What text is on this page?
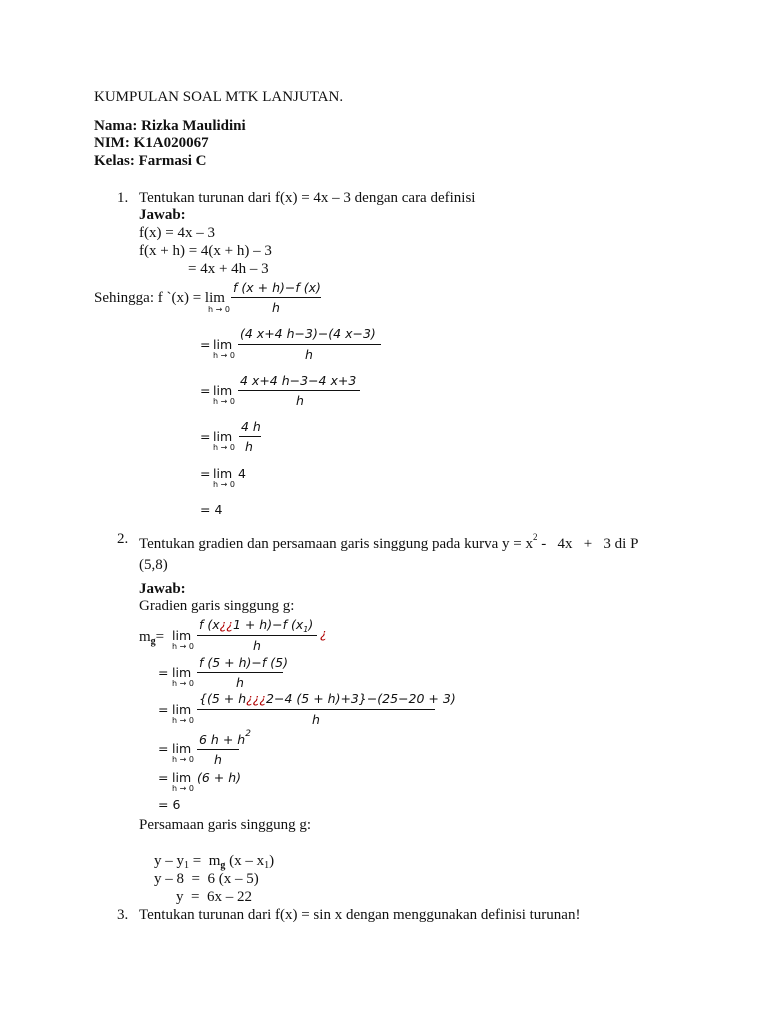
KUMPULAN SOAL MTK LANJUTAN.
Nama: Rizka Maulidini
NIM: K1A020067
Kelas: Farmasi C
1. Tentukan turunan dari f(x) = 4x – 3 dengan cara definisi
Jawab:
f(x) = 4x – 3
f(x + h) = 4(x + h) – 3
= 4x + 4h – 3
Sehingga: f `(x) = lim
h → 0
f (x + h)−f (x)
h
= lim
h → 0
(4 x+4 h−3)−(4 x−3)
h
= lim
h → 0
4 x+4 h−3−4 x+3
h
= lim
h → 0
4 h
h
= lim
h → 0
4
= 4
2. Tentukan gradien dan persamaan garis singgung pada kurva $y = x^2 - 4x + 3$ di P
(5,8)
Jawab:
Gradien garis singgung g:
$m_g= \lim$
h → 0
f (x¿¿1 + h)−f $(x_1)$
¿
h
= lim
h → 0
f (5 + h)−f (5)
h
= lim
h → 0
{(5 + h¿¿¿2−4 (5 + h)+3}−(25−20 + 3)
h
= lim
h → 0
6 $h + h^2$
h
= lim
h → 0
(6 + h)
= 6
Persamaan garis singgung g:

$y - y_1 = m_g$ $(x - x_1)$

y – 8  =  6 (x – 5)

y  =  6x – 22

3. Tentukan turunan dari f(x) = sin x dengan menggunakan definisi turunan!
